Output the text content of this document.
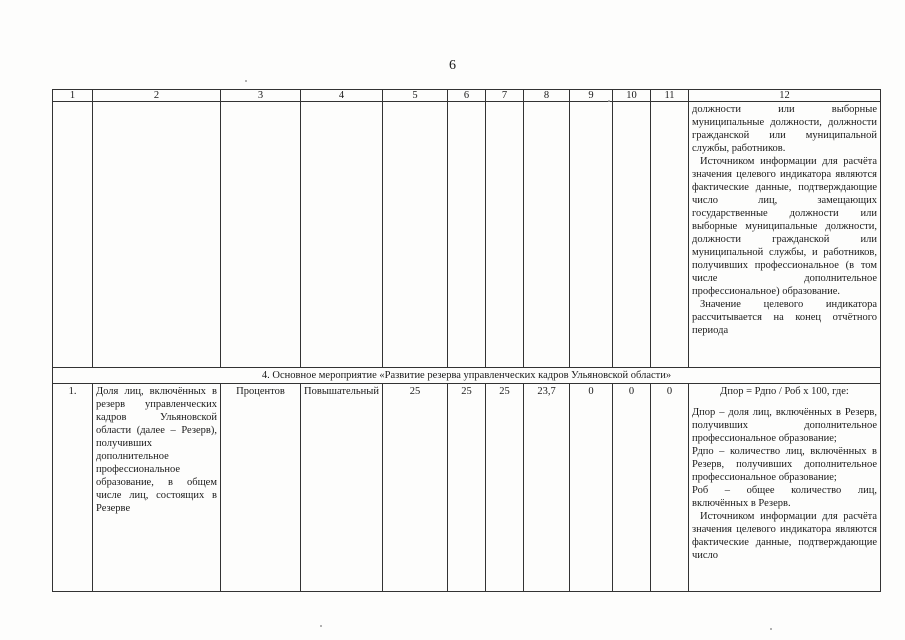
6
1	2	3	4	5	6	7	8	9	10	11	12

											должности или выборные муниципальные должности, должности гражданской или муниципальной службы, работников.
Источником информации для расчёта значения целевого индикатора являются фактические данные, подтверждающие число лиц, замещающих государственные должности или выборные муниципальные должности, должности гражданской или муниципальной службы, и работников, получивших профессиональное (в том числе дополнительное профессиональное) образование.
Значение целевого индикатора рассчитывается на конец отчётного периода

4. Основное мероприятие «Развитие резерва управленческих кадров Ульяновской области»											
1.	Доля лиц, включённых в резерв управленческих кадров Ульяновской области (далее – Резерв), получивших дополнительное профессиональное образование, в общем числе лиц, состоящих в Резерве	Процентов	Повышательный	25	25	25	23,7	0	0	0	Дпор = Рдпо / Роб х 100, где:
Дпор – доля лиц, включённых в Резерв, получивших дополнительное профессиональное образование;
Рдпо – количество лиц, включённых в Резерв, получивших дополнительное профессиональное образование;
Роб – общее количество лиц, включённых в Резерв.
Источником информации для расчёта значения целевого индикатора являются фактические данные, подтверждающие число
